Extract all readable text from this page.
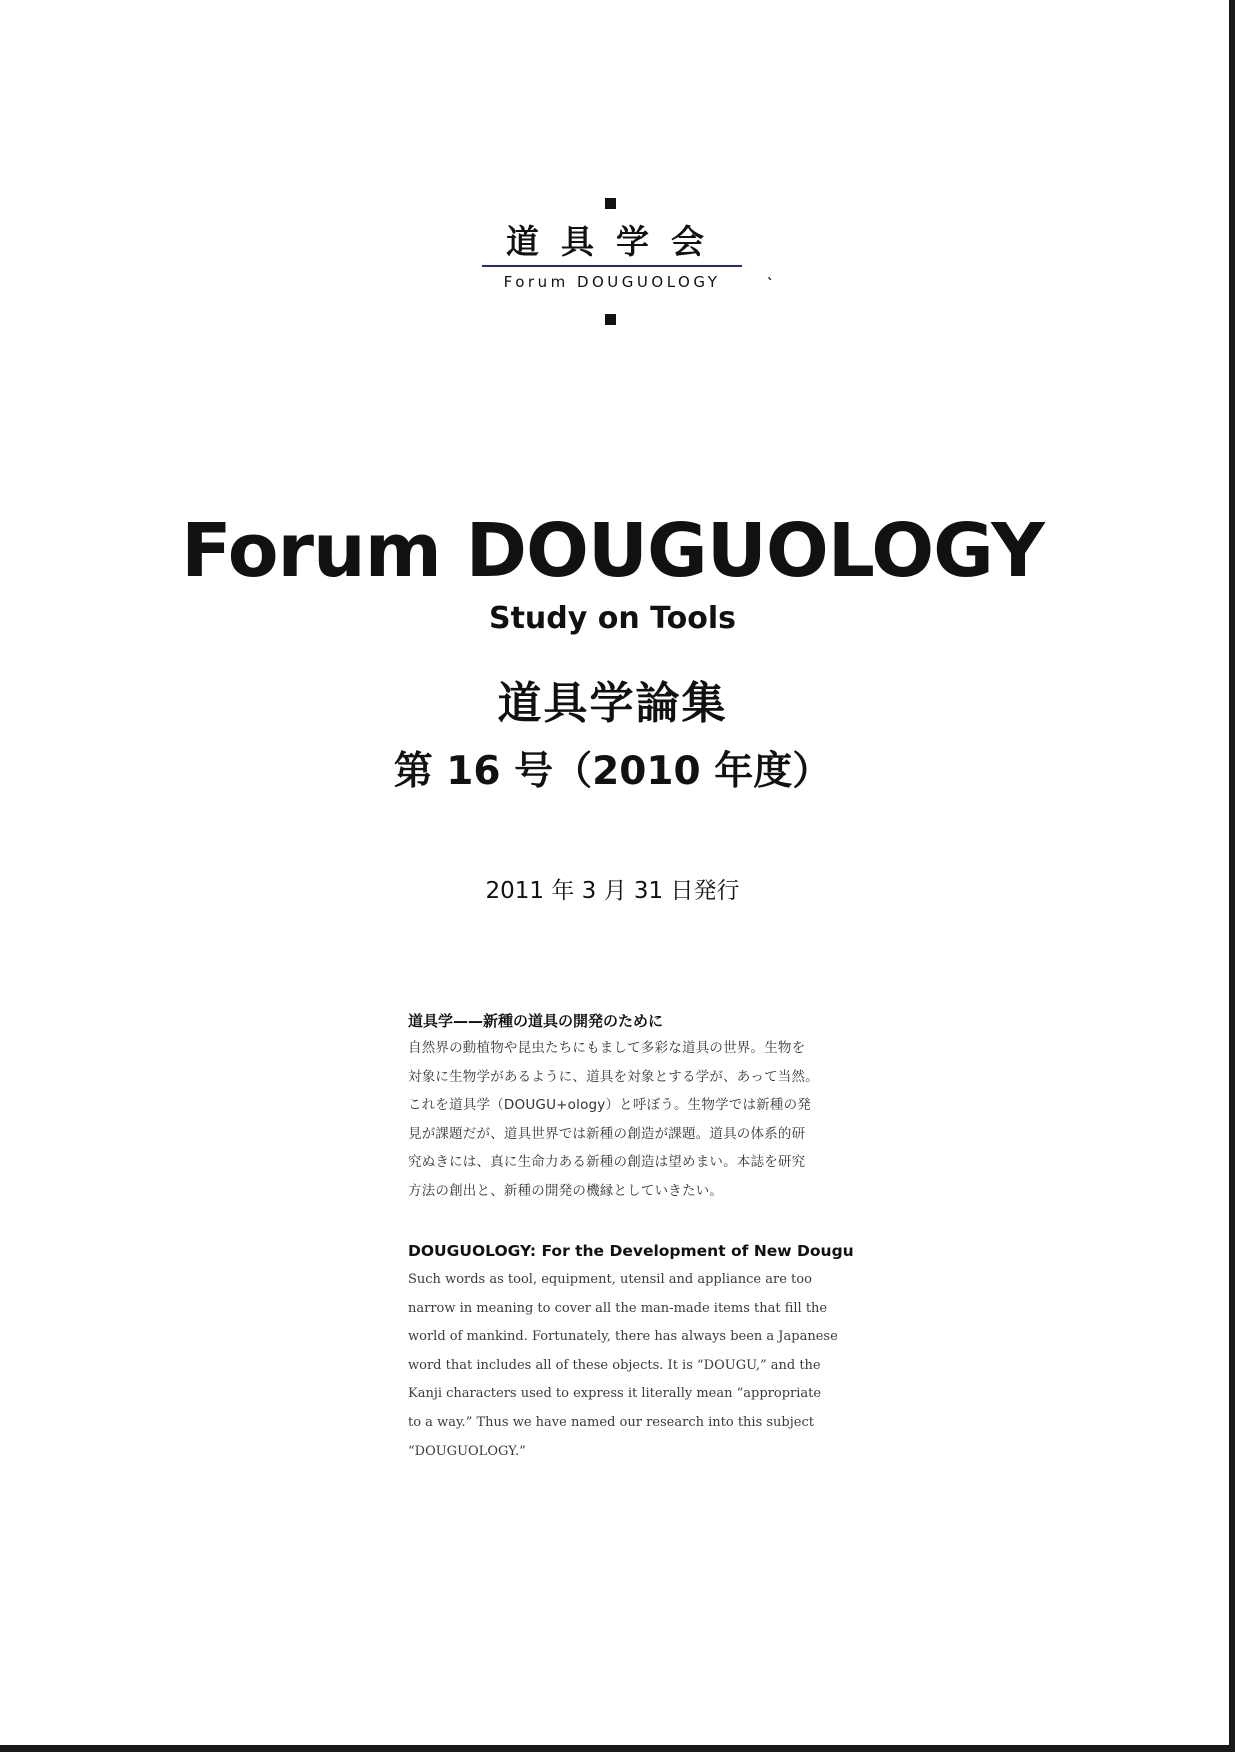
道具学会
Forum DOUGUOLOGY	`
Forum DOUGUOLOGY
Study on Tools
道具学論集
第 16 号（2010 年度）
2011 年 3 月 31 日発行
道具学——新種の道具の開発のために
自然界の動植物や昆虫たちにもまして多彩な道具の世界。生物を
対象に生物学があるように、道具を対象とする学が、あって当然。
これを道具学（DOUGU+ology）と呼ぼう。生物学では新種の発
見が課題だが、道具世界では新種の創造が課題。道具の体系的研
究ぬきには、真に生命力ある新種の創造は望めまい。本誌を研究
方法の創出と、新種の開発の機縁としていきたい。
DOUGUOLOGY: For the Development of New Dougu
Such words as tool, equipment, utensil and appliance are too
narrow in meaning to cover all the man-made items that fill the
world of mankind. Fortunately, there has always been a Japanese
word that includes all of these objects. It is “DOUGU,” and the
Kanji characters used to express it literally mean “appropriate
to a way.” Thus we have named our research into this subject
“DOUGUOLOGY.”
